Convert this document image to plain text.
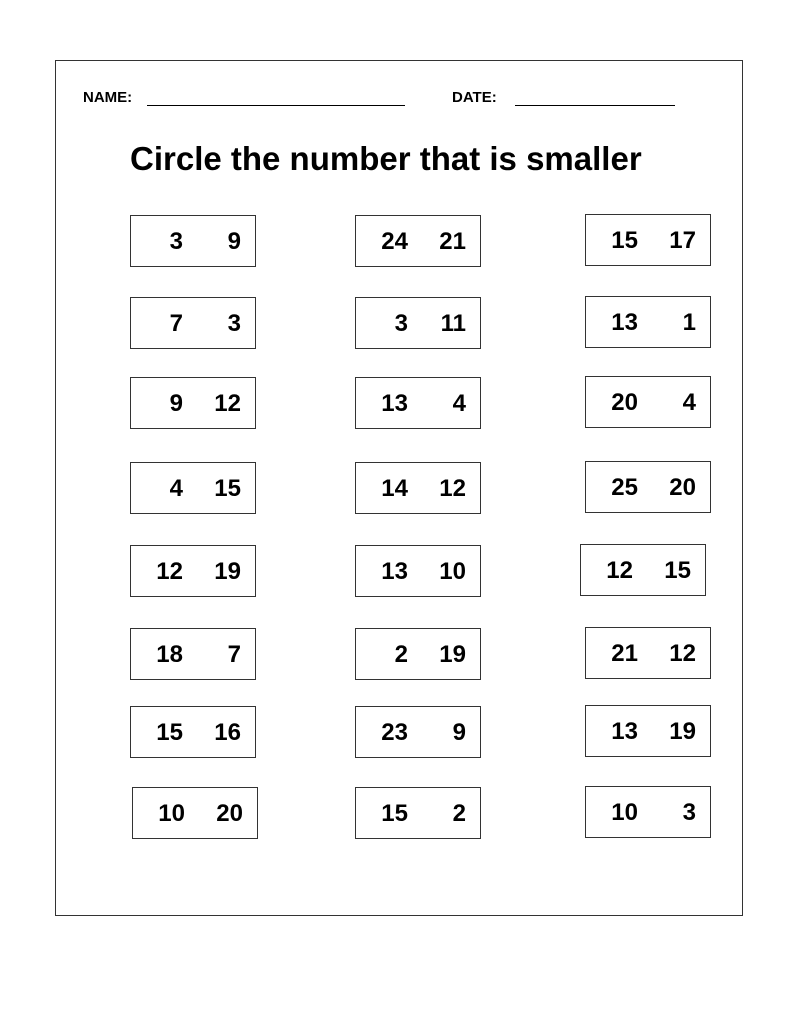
NAME:	DATE:
Circle the number that is smaller
3 9
7 3
9 12
4 15
12 19
18 7
15 16
10 20
24 21
3 11
13 4
14 12
13 10
2 19
23 9
15 2
15 17
13 1
20 4
25 20
12 15
21 12
13 19
10 3
